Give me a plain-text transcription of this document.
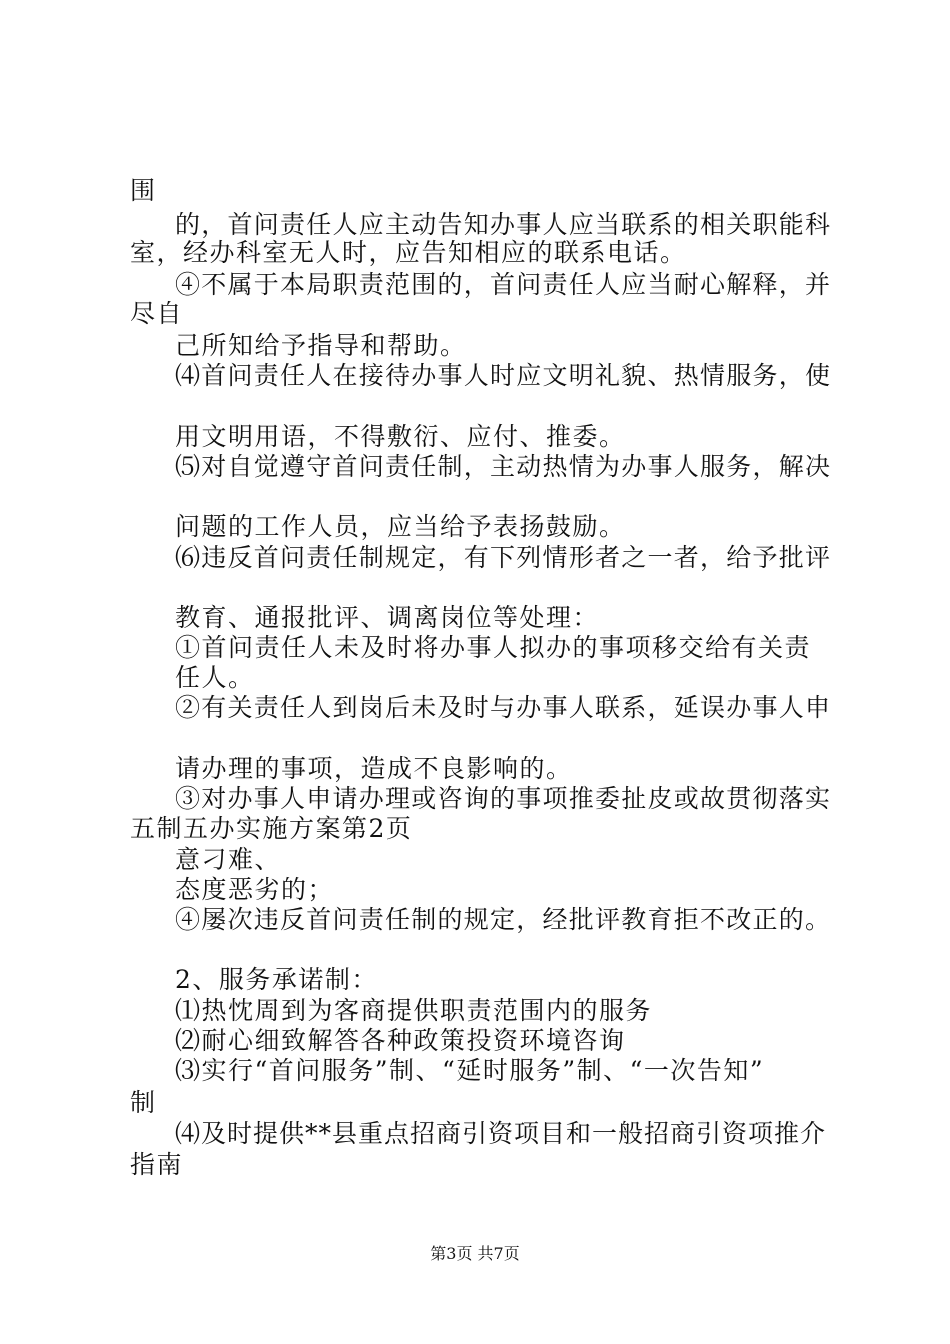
围
的，首问责任人应主动告知办事人应当联系的相关职能科
室，经办科室无人时，应告知相应的联系电话。
④不属于本局职责范围的，首问责任人应当耐心解释，并
尽自
己所知给予指导和帮助。
⑷首问责任人在接待办事人时应文明礼貌、热情服务，使
用文明用语，不得敷衍、应付、推委。
⑸对自觉遵守首问责任制，主动热情为办事人服务，解决
问题的工作人员，应当给予表扬鼓励。
⑹违反首问责任制规定，有下列情形者之一者，给予批评
教育、通报批评、调离岗位等处理：
①首问责任人未及时将办事人拟办的事项移交给有关责
任人。
②有关责任人到岗后未及时与办事人联系，延误办事人申
请办理的事项，造成不良影响的。
③对办事人申请办理或咨询的事项推委扯皮或故贯彻落实
五制五办实施方案第2页
意刁难、
态度恶劣的；
④屡次违反首问责任制的规定，经批评教育拒不改正的。
2、服务承诺制：
⑴热忱周到为客商提供职责范围内的服务
⑵耐心细致解答各种政策投资环境咨询
⑶实行“首问服务”制、“延时服务”制、“一次告知”
制
⑷及时提供**县重点招商引资项目和一般招商引资项推介
指南
第3页 共7页
